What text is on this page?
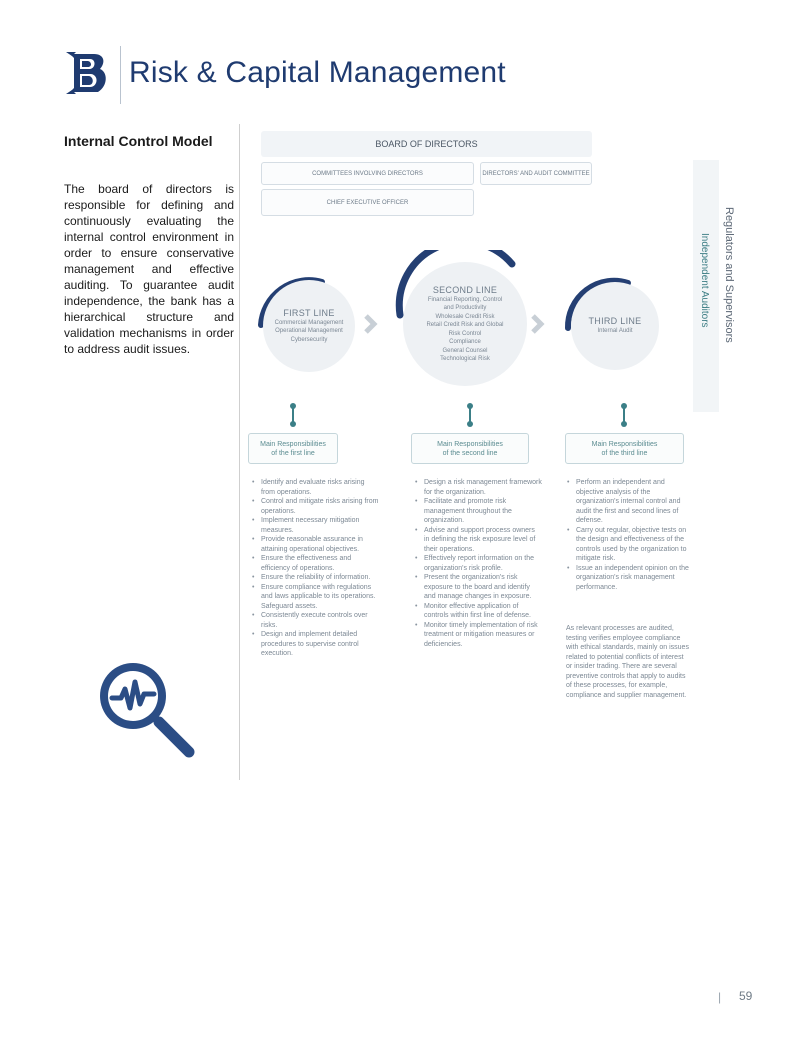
Risk & Capital Management
Internal Control Model
The board of directors is responsible for defining and continuously evaluating the internal control environment in order to ensure conservative management and effective auditing. To guarantee audit independence, the bank has a hierarchical structure and validation mechanisms in order to address audit issues.
BOARD OF DIRECTORS
COMMITTEES INVOLVING DIRECTORS	DIRECTORS' AND AUDIT COMMITTEE
CHIEF EXECUTIVE OFFICER
Regulators and Supervisors
Independent Auditors
FIRST LINE
Commercial Management
Operational Management
Cybersecurity
SECOND LINE
Financial Reporting, Control
and Productivity
Wholesale Credit Risk
Retail Credit Risk and Global
Risk Control
Compliance
General Counsel
Technological Risk
THIRD LINE
Internal Audit
Main Responsibilities
of the first line
Main Responsibilities
of the second line
Main Responsibilities
of the third line
• Identify and evaluate risks arising from operations.
• Control and mitigate risks arising from operations.
• Implement necessary mitigation measures.
• Provide reasonable assurance in attaining operational objectives.
• Ensure the effectiveness and efficiency of operations.
• Ensure the reliability of information.
• Ensure compliance with regulations and laws applicable to its operations. Safeguard assets.
• Consistently execute controls over risks.
• Design and implement detailed procedures to supervise control execution.
• Design a risk management framework for the organization.
• Facilitate and promote risk management throughout the organization.
• Advise and support process owners in defining the risk exposure level of their operations.
• Effectively report information on the organization's risk profile.
• Present the organization's risk exposure to the board and identify and manage changes in exposure.
• Monitor effective application of controls within first line of defense.
• Monitor timely implementation of risk treatment or mitigation measures or deficiencies.
• Perform an independent and objective analysis of the organization's internal control and audit the first and second lines of defense.
• Carry out regular, objective tests on the design and effectiveness of the controls used by the organization to mitigate risk.
• Issue an independent opinion on the organization's risk management performance.
As relevant processes are audited, testing verifies employee compliance with ethical standards, mainly on issues related to potential conflicts of interest or insider trading. There are several preventive controls that apply to audits of these processes, for example, compliance and supplier management.
| 59
